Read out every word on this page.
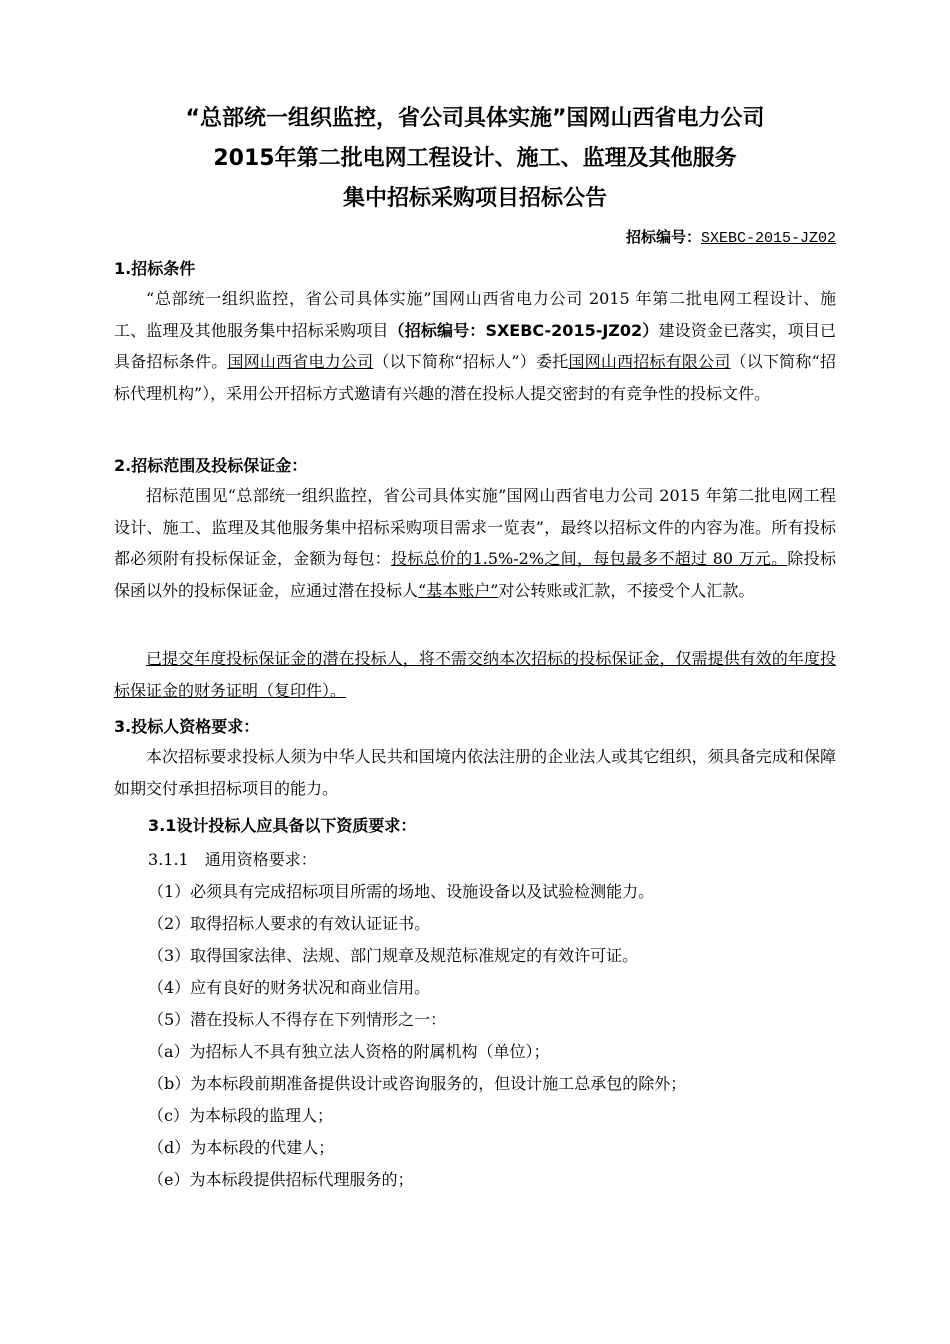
“总部统一组织监控，省公司具体实施”国网山西省电力公司
2015年第二批电网工程设计、施工、监理及其他服务
集中招标采购项目招标公告
招标编号：SXEBC-2015-JZ02
1.招标条件
“总部统一组织监控，省公司具体实施”国网山西省电力公司 2015 年第二批电网工程设计、施工、监理及其他服务集中招标采购项目（招标编号：SXEBC-2015-JZ02）建设资金已落实，项目已具备招标条件。国网山西省电力公司（以下简称“招标人”）委托国网山西招标有限公司（以下简称“招标代理机构”），采用公开招标方式邀请有兴趣的潜在投标人提交密封的有竞争性的投标文件。
2.招标范围及投标保证金：
招标范围见“总部统一组织监控，省公司具体实施”国网山西省电力公司 2015 年第二批电网工程设计、施工、监理及其他服务集中招标采购项目需求一览表”，最终以招标文件的内容为准。所有投标都必须附有投标保证金，金额为每包：投标总价的1.5%-2%之间，每包最多不超过 80 万元。除投标保函以外的投标保证金，应通过潜在投标人“基本账户”对公转账或汇款，不接受个人汇款。
已提交年度投标保证金的潜在投标人，将不需交纳本次招标的投标保证金，仅需提供有效的年度投标保证金的财务证明（复印件）。
3.投标人资格要求：
本次招标要求投标人须为中华人民共和国境内依法注册的企业法人或其它组织，须具备完成和保障如期交付承担招标项目的能力。
3.1设计投标人应具备以下资质要求：
3.1.1　通用资格要求：
（1）必须具有完成招标项目所需的场地、设施设备以及试验检测能力。
（2）取得招标人要求的有效认证证书。
（3）取得国家法律、法规、部门规章及规范标准规定的有效许可证。
（4）应有良好的财务状况和商业信用。
（5）潜在投标人不得存在下列情形之一：
（a）为招标人不具有独立法人资格的附属机构（单位）；
（b）为本标段前期准备提供设计或咨询服务的，但设计施工总承包的除外；
（c）为本标段的监理人；
（d）为本标段的代建人；
（e）为本标段提供招标代理服务的；
